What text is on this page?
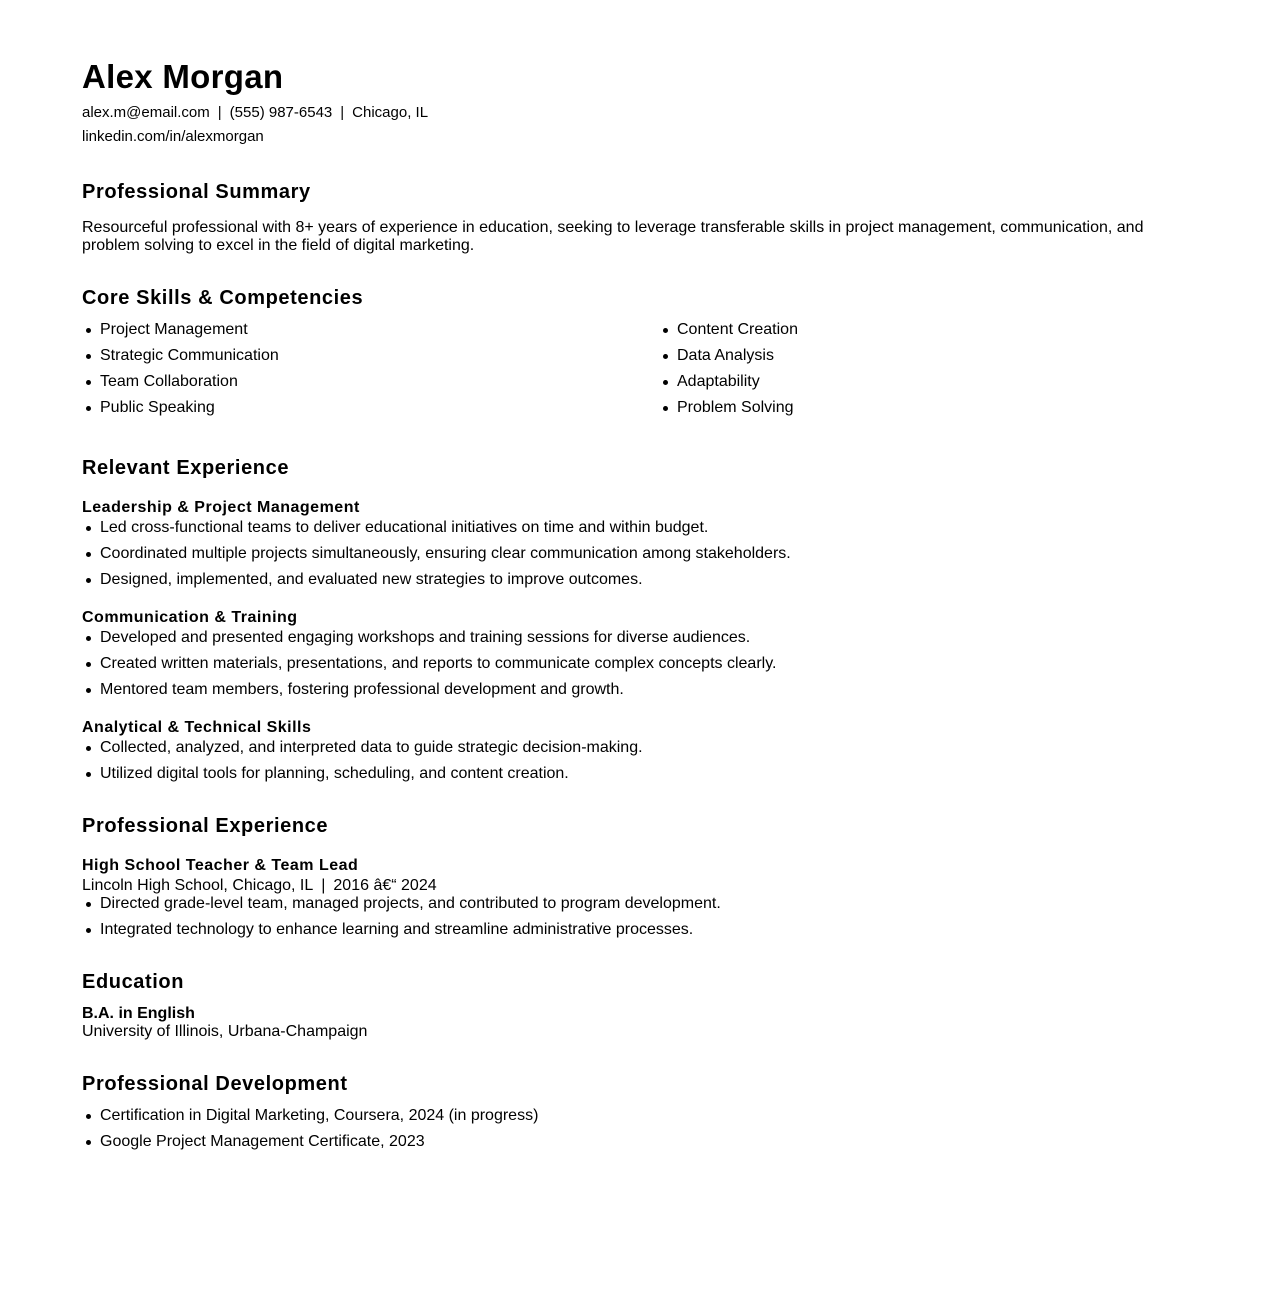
Alex Morgan
alex.m@email.com | (555) 987-6543 | Chicago, IL
linkedin.com/in/alexmorgan
Professional Summary

Resourceful professional with 8+ years of experience in education, seeking to leverage transferable skills in project management, communication, and problem solving to excel in the field of digital marketing.

Core Skills & Competencies
Project Management
Strategic Communication
Team Collaboration
Public Speaking
Content Creation
Data Analysis
Adaptability
Problem Solving
Relevant Experience
Leadership & Project Management
Led cross-functional teams to deliver educational initiatives on time and within budget.
Coordinated multiple projects simultaneously, ensuring clear communication among stakeholders.
Designed, implemented, and evaluated new strategies to improve outcomes.
Communication & Training
Developed and presented engaging workshops and training sessions for diverse audiences.
Created written materials, presentations, and reports to communicate complex concepts clearly.
Mentored team members, fostering professional development and growth.
Analytical & Technical Skills
Collected, analyzed, and interpreted data to guide strategic decision-making.
Utilized digital tools for planning, scheduling, and content creation.
Professional Experience
High School Teacher & Team Lead
Lincoln High School, Chicago, IL | 2016 â€“ 2024
Directed grade-level team, managed projects, and contributed to program development.
Integrated technology to enhance learning and streamline administrative processes.
Education
B.A. in English
University of Illinois, Urbana-Champaign
Professional Development
Certification in Digital Marketing, Coursera, 2024 (in progress)
Google Project Management Certificate, 2023
